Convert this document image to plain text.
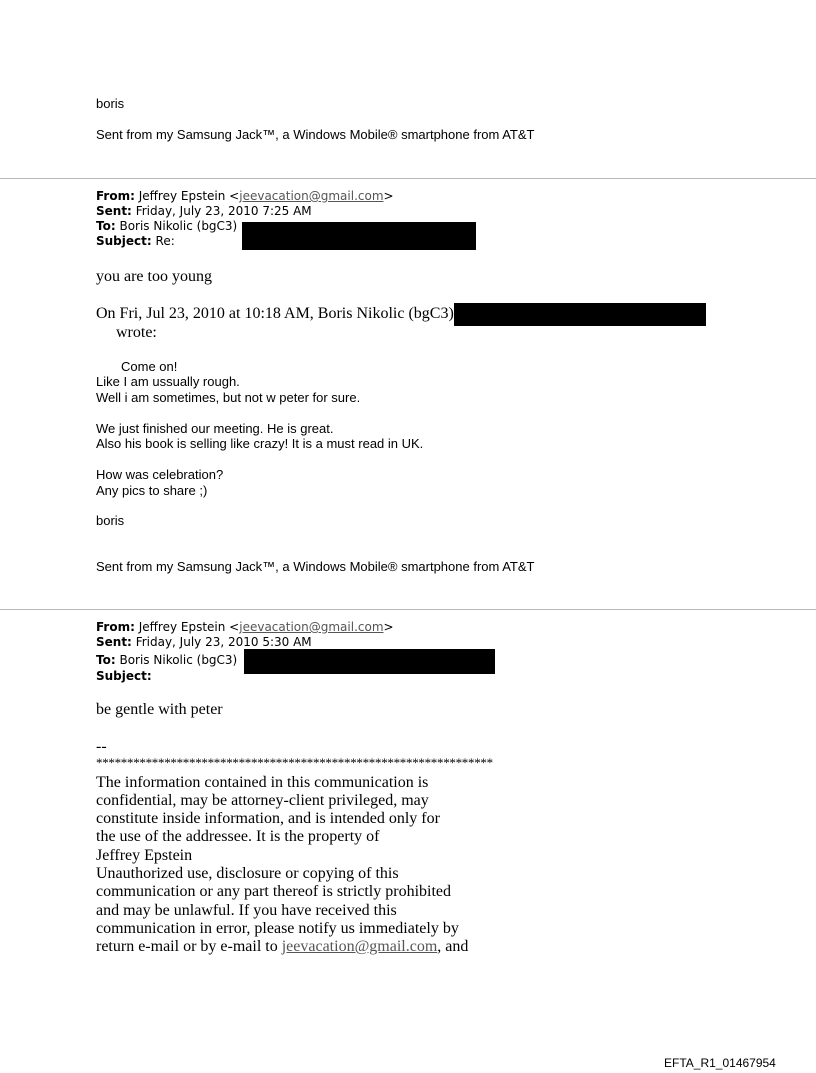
boris
Sent from my Samsung Jack™, a Windows Mobile® smartphone from AT&T
From: Jeffrey Epstein <jeevacation@gmail.com>
Sent: Friday, July 23, 2010 7:25 AM
To: Boris Nikolic (bgC3)
Subject: Re:
you are too young
On Fri, Jul 23, 2010 at 10:18 AM, Boris Nikolic (bgC3)
wrote:
Come on!
Like I am ussually rough.
Well i am sometimes, but not w peter for sure.
We just finished our meeting. He is great.
Also his book is selling like crazy! It is a must read in UK.
How was celebration?
Any pics to share ;)
boris
Sent from my Samsung Jack™, a Windows Mobile® smartphone from AT&T
From: Jeffrey Epstein <jeevacation@gmail.com>
Sent: Friday, July 23, 2010 5:30 AM
To: Boris Nikolic (bgC3)
Subject:
be gentle with peter
--
****************************************************************
The information contained in this communication is
confidential, may be attorney-client privileged, may
constitute inside information, and is intended only for
the use of the addressee. It is the property of
Jeffrey Epstein
Unauthorized use, disclosure or copying of this
communication or any part thereof is strictly prohibited
and may be unlawful. If you have received this
communication in error, please notify us immediately by
return e-mail or by e-mail to jeevacation@gmail.com, and
EFTA_R1_01467954
